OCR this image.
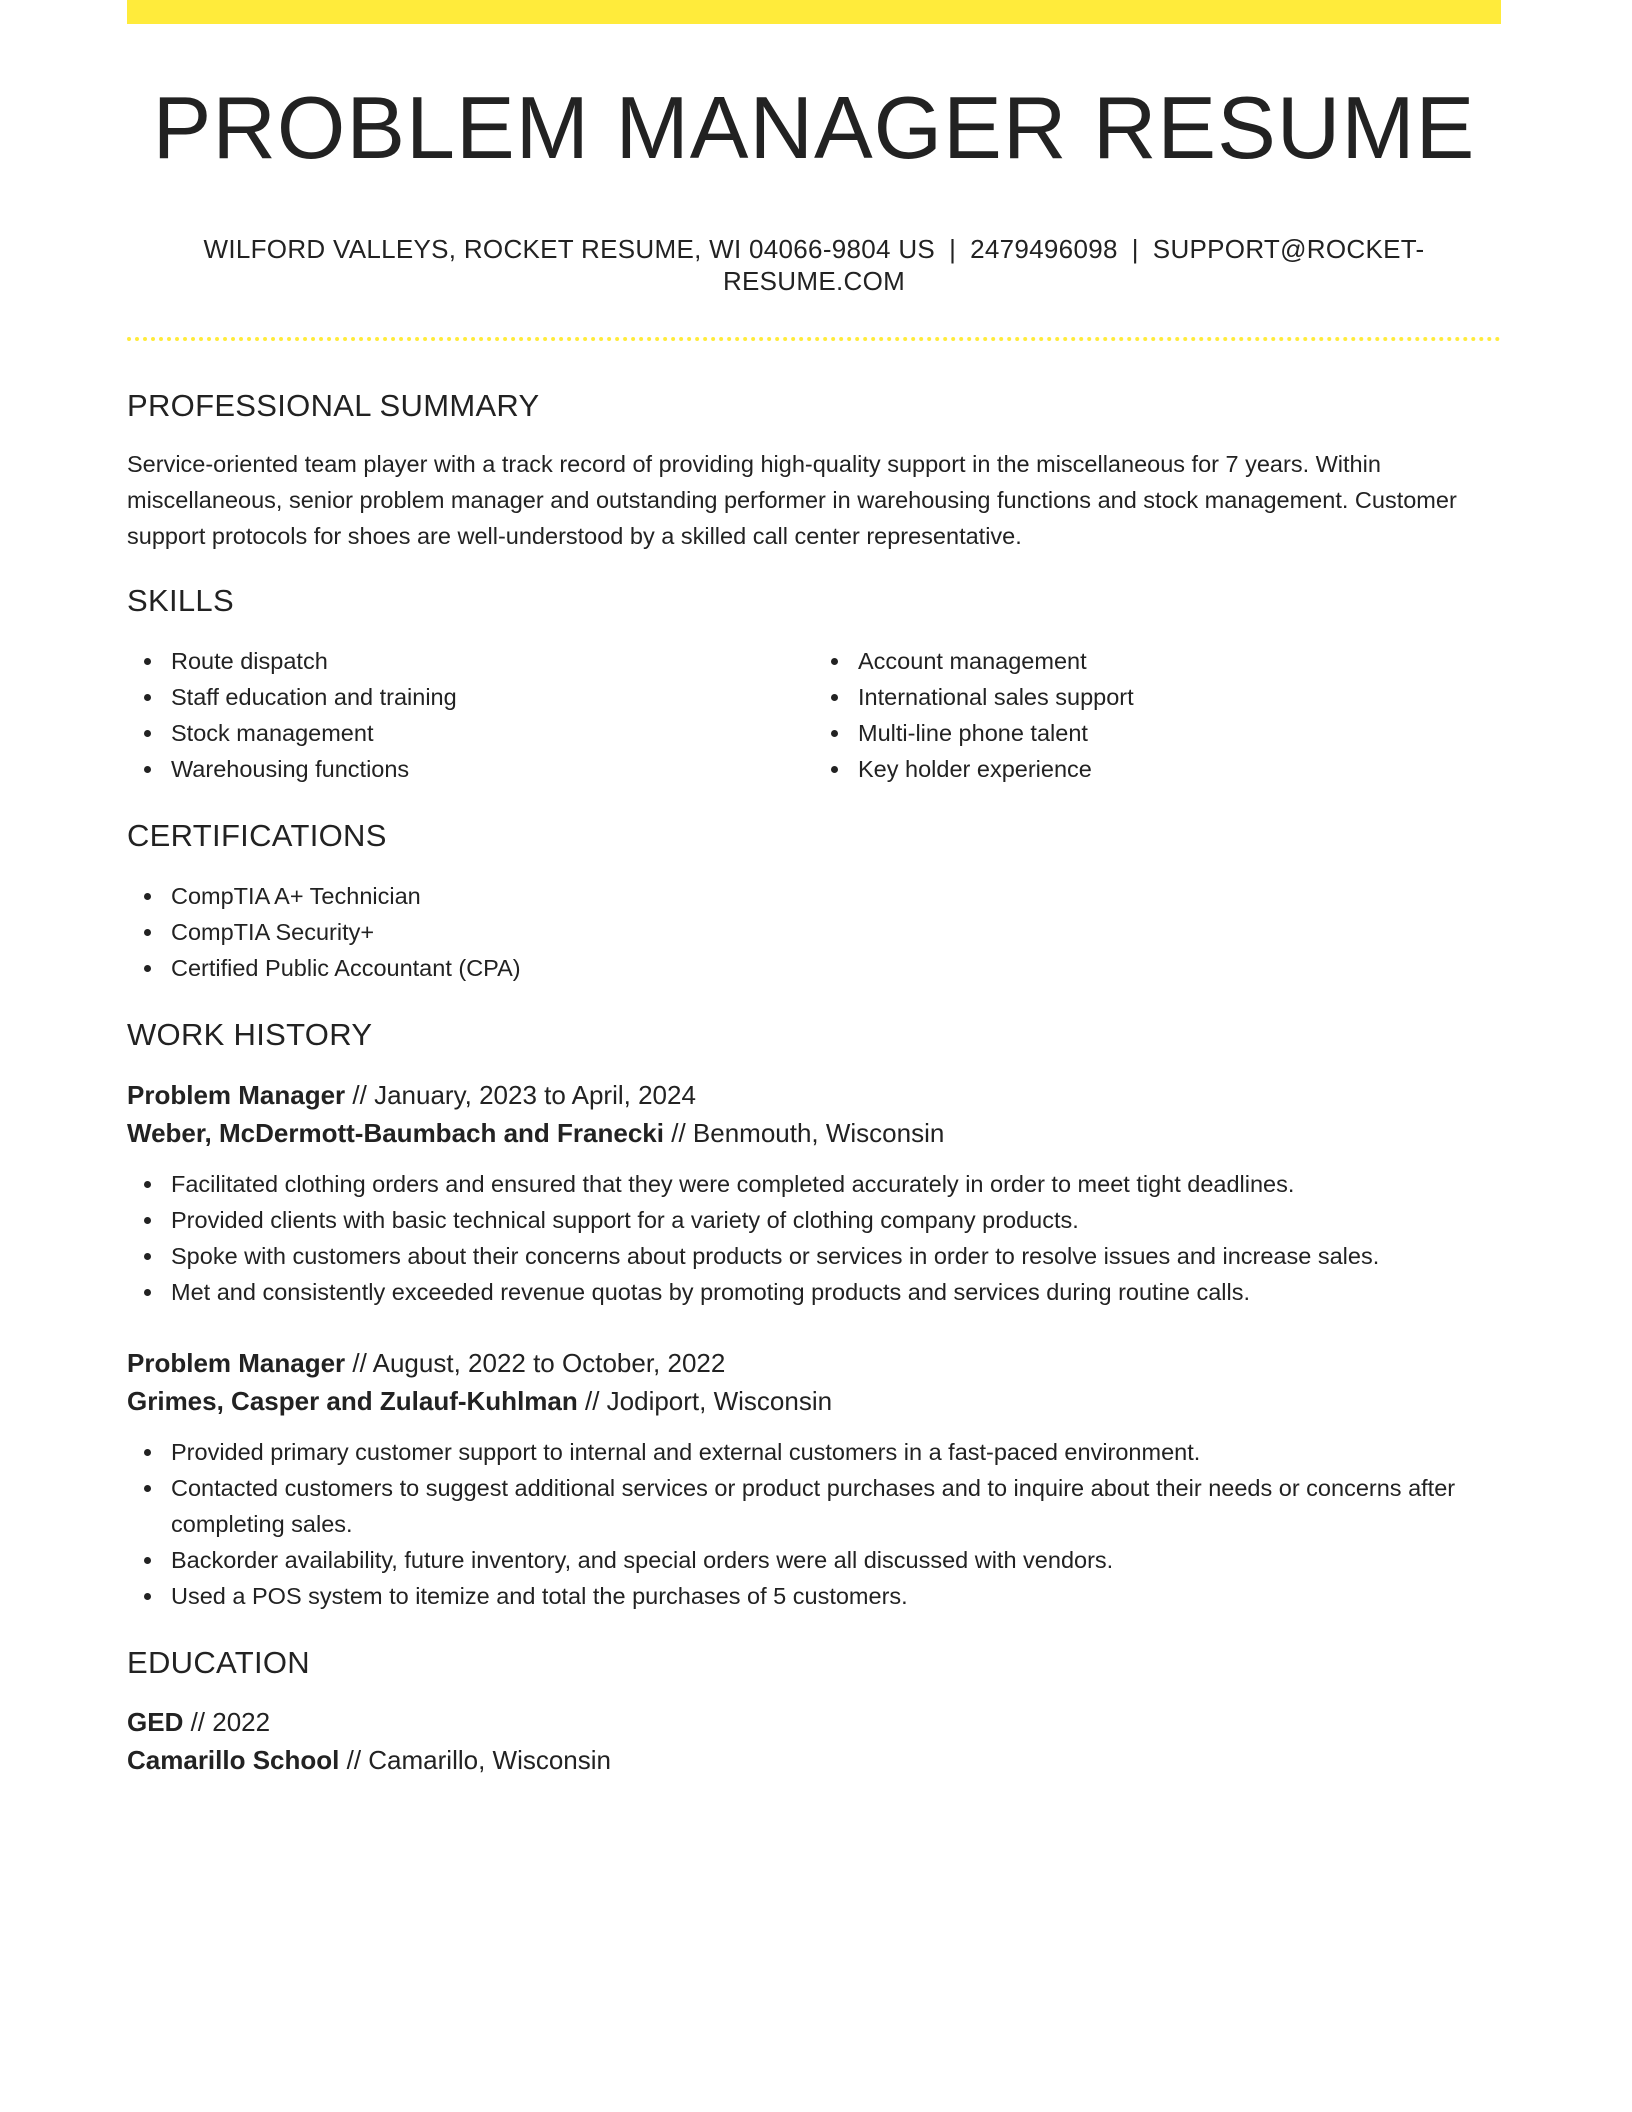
PROBLEM MANAGER RESUME
WILFORD VALLEYS, ROCKET RESUME, WI 04066-9804 US | 2479496098 | SUPPORT@ROCKET-RESUME.COM
PROFESSIONAL SUMMARY

Service-oriented team player with a track record of providing high-quality support in the miscellaneous for 7 years. Within miscellaneous, senior problem manager and outstanding performer in warehousing functions and stock management. Customer support protocols for shoes are well-understood by a skilled call center representative.

SKILLS
Route dispatch
Staff education and training
Stock management
Warehousing functions
Account management
International sales support
Multi-line phone talent
Key holder experience
CERTIFICATIONS
CompTIA A+ Technician
CompTIA Security+
Certified Public Accountant (CPA)
WORK HISTORY
Problem Manager // January, 2023 to April, 2024
Weber, McDermott-Baumbach and Franecki // Benmouth, Wisconsin
Facilitated clothing orders and ensured that they were completed accurately in order to meet tight deadlines.
Provided clients with basic technical support for a variety of clothing company products.
Spoke with customers about their concerns about products or services in order to resolve issues and increase sales.
Met and consistently exceeded revenue quotas by promoting products and services during routine calls.
Problem Manager // August, 2022 to October, 2022
Grimes, Casper and Zulauf-Kuhlman // Jodiport, Wisconsin
Provided primary customer support to internal and external customers in a fast-paced environment.
Contacted customers to suggest additional services or product purchases and to inquire about their needs or concerns after completing sales.
Backorder availability, future inventory, and special orders were all discussed with vendors.
Used a POS system to itemize and total the purchases of 5 customers.
EDUCATION
GED // 2022
Camarillo School // Camarillo, Wisconsin
